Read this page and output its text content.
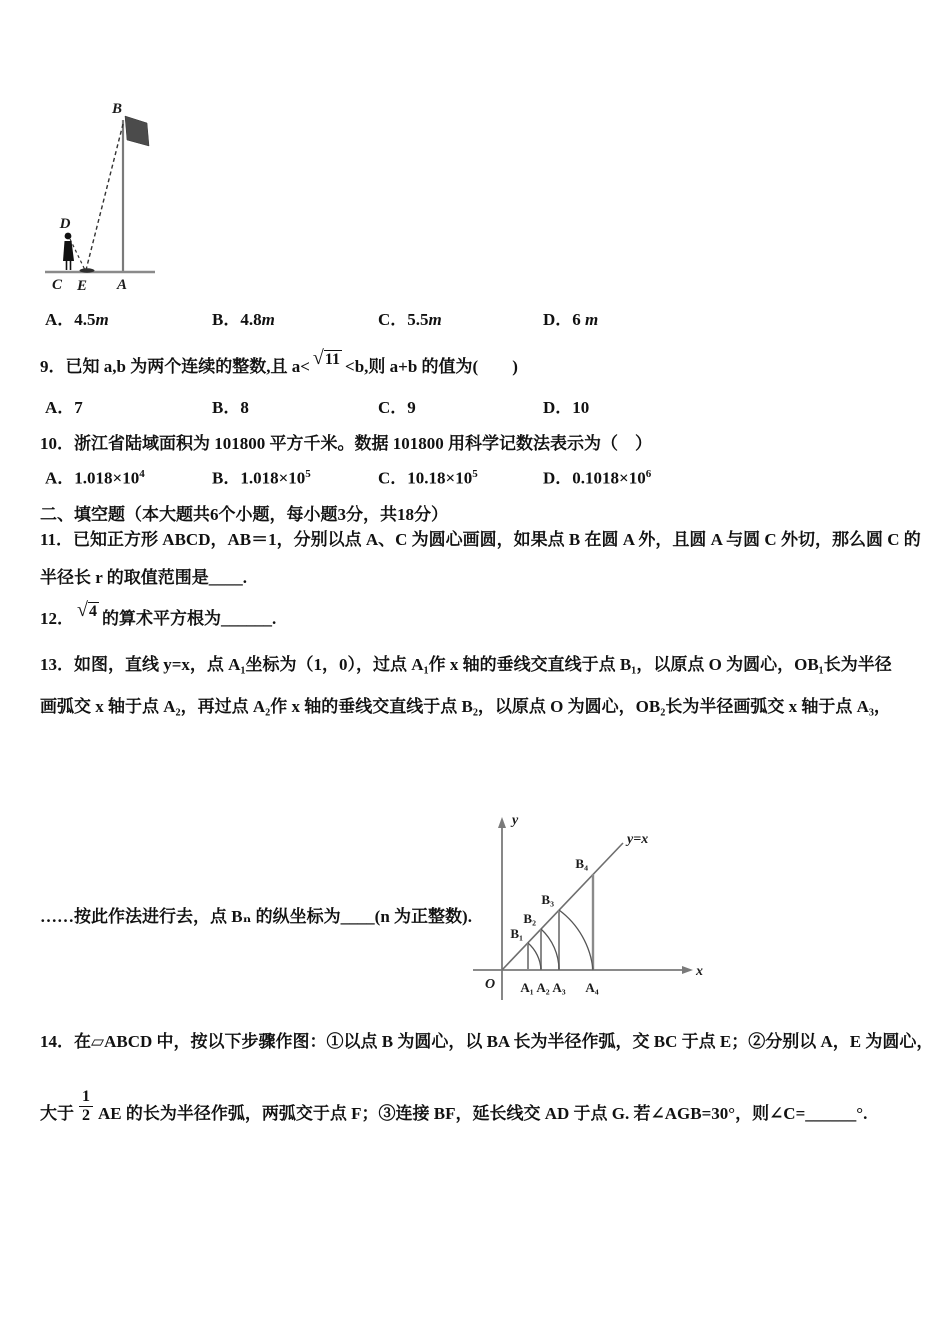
B
D
C E A
A．4.5m	B．4.8m	C．5.5m	D．6 m
9．已知 a,b 为两个连续的整数,且 a< √11 <b,则 a+b 的值为(　　)
A．7	B．8	C．9	D．10
10．浙江省陆域面积为 101800 平方千米。数据 101800 用科学记数法表示为（　）
A．$1.018\times 10^4$	B．$1.018\times 10^5$	C．$10.18\times 10^5$	D．$0.1018\times 10^6$
二、填空题（本大题共6个小题，每小题3分，共18分）
11．已知正方形 ABCD，AB＝1，分别以点 A、C 为圆心画圆，如果点 B 在圆 A 外，且圆 A 与圆 C 外切，那么圆 C 的
半径长 r 的取值范围是____.
12． √4 的算术平方根为______.
13．如图，直线 y=x，点 A₁坐标为（1，0），过点 A₁作 x 轴的垂线交直线于点 B₁，以原点 O 为圆心，OB₁长为半径
画弧交 x 轴于点 A₂，再过点 A₂作 x 轴的垂线交直线于点 B₂，以原点 O 为圆心，OB₂长为半径画弧交 x 轴于点 A₃，
y
x
y=x
O
B₁
B₂
B₃
B₄
A₁ A₂ A₃ A₄
……按此作法进行去，点 Bₙ 的纵坐标为____(n 为正整数).
14．在▱ABCD 中，按以下步骤作图：①以点 B 为圆心，以 BA 长为半径作弧，交 BC 于点 E；②分别以 A，E 为圆心，
大于 $\frac{1}{2}$ AE 的长为半径作弧，两弧交于点 F；③连接 BF，延长线交 AD 于点 G. 若∠AGB=30°，则∠C= ______ °.
